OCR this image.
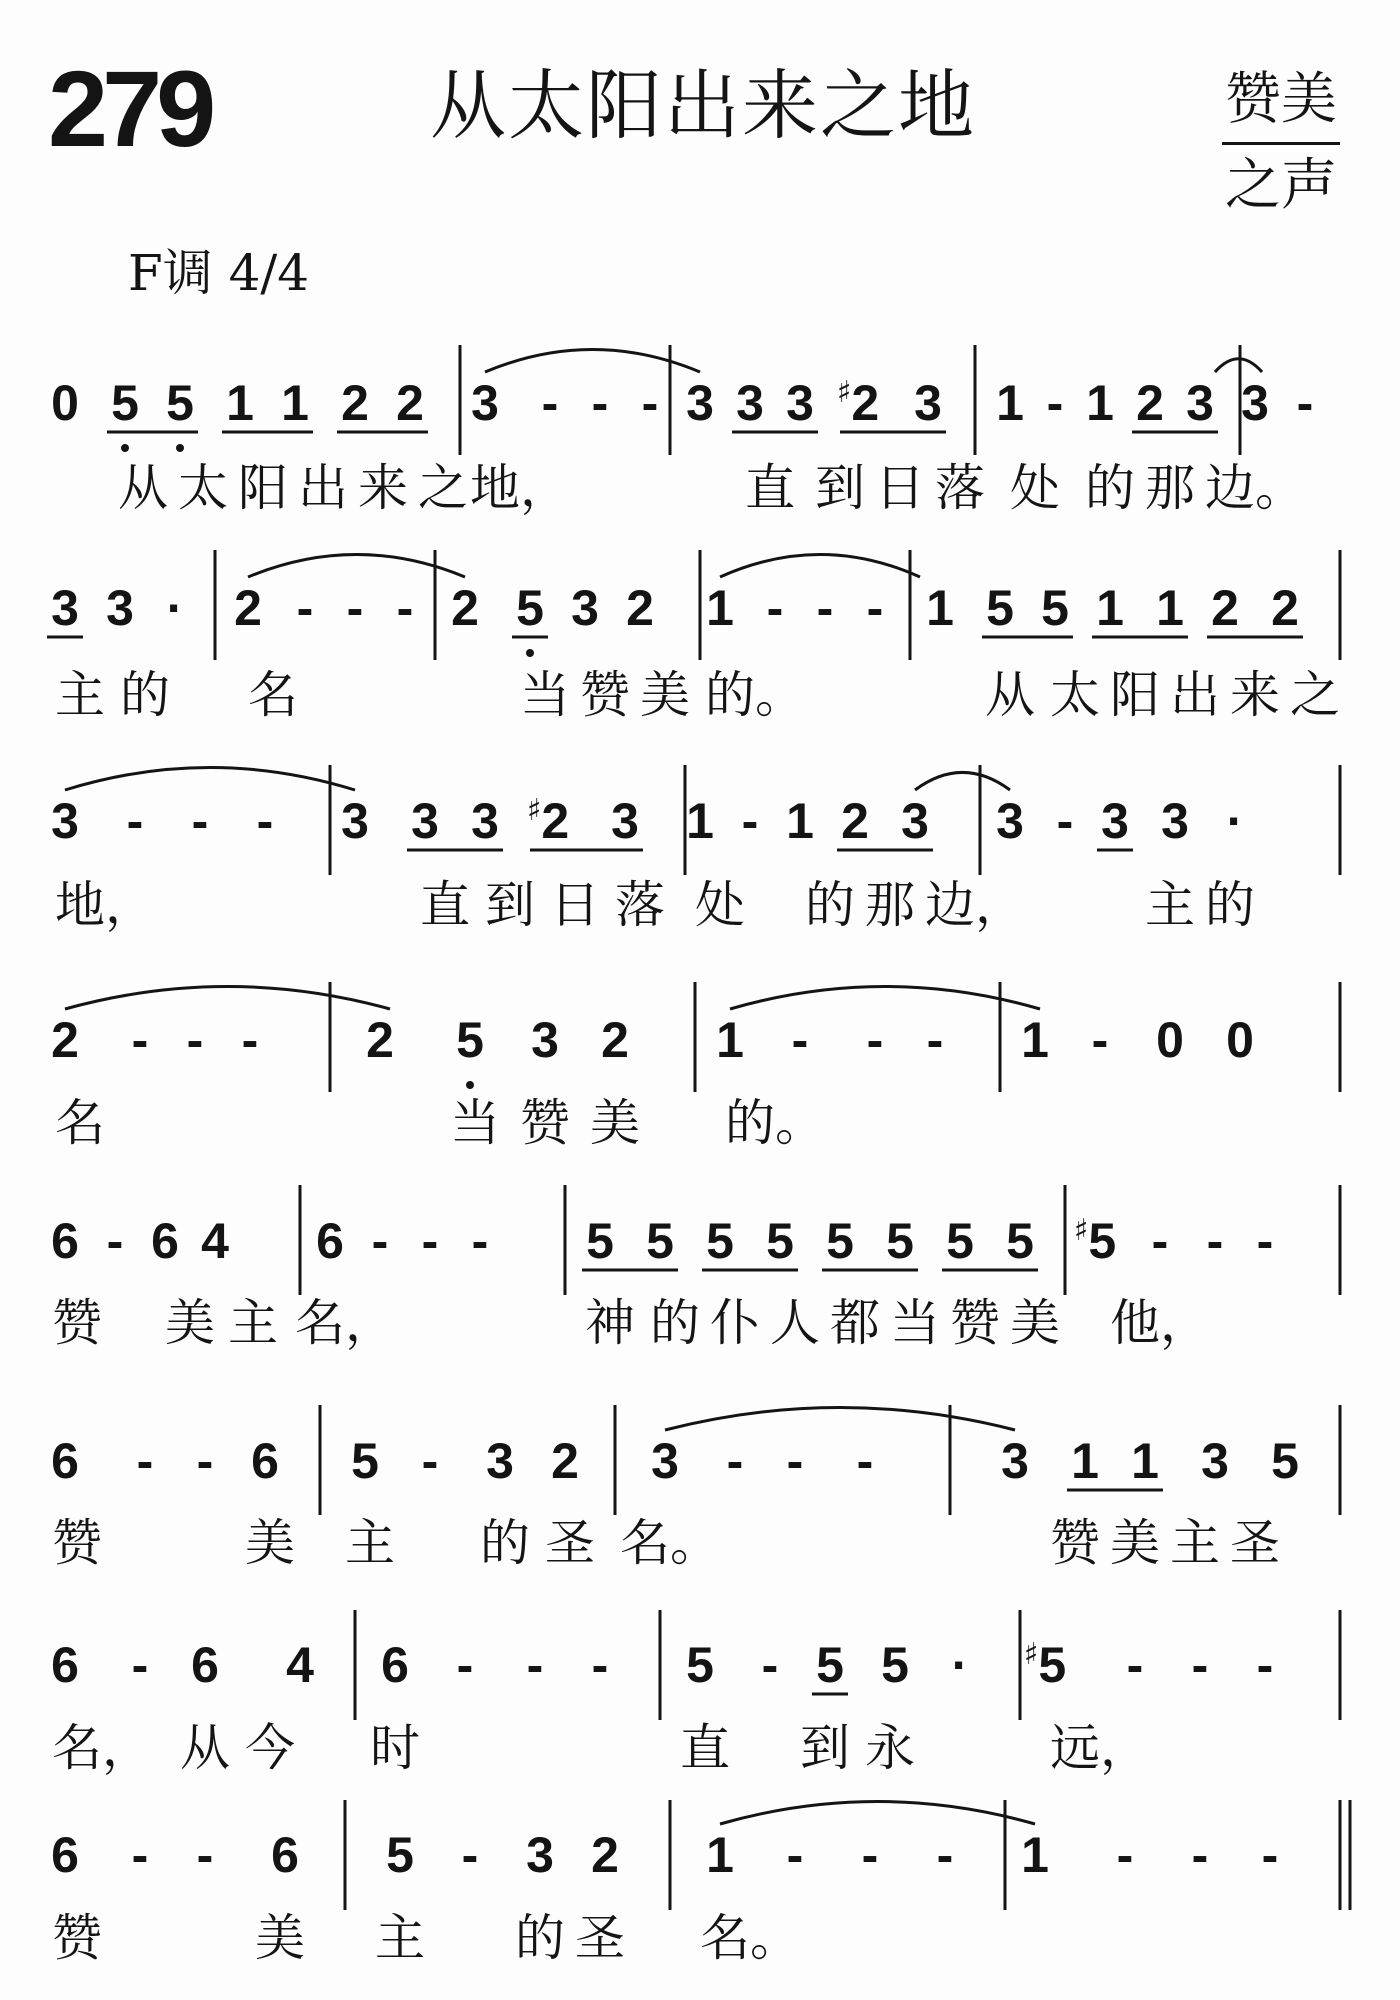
279	从太阳出来之地	赞美
之声
F调 4/4
0 5 5 1 1 2 2 3 - - - 3 3 3 ♯2 3 1 - 1 2 3 3 -
从 太 阳 出 来 之 地，	直 到 日 落 处 的 那 边。
3 3 · 2 - - - 2 5 3 2 1 - - - 1 5 5 1 1 2 2
主 的 名	当 赞 美 的。	从 太 阳 出 来 之
3 - - - 3 3 3 ♯2 3 1 - 1 2 3 3 - 3 3 ·
地，	直 到 日 落 处 的 那 边， 主 的
2 - - - 2 5 3 2 1 - - - 1 - 0 0
名	当 赞 美 的。
6 - 6 4 6 - - - 5 5 5 5 5 5 5 5 ♯5 - - -
赞 美 主 名，	神 的 仆 人 都 当 赞 美 他，
6 - - 6 5 - 3 2 3 - - -	3 1 1 3 5
赞	美 主 的 圣 名。	赞 美 主 圣
6 - 6 4 6 - - - 5 - 5 5 · ♯5 - - -
名， 从 今 时	直 到 永	远，
6 - - 6 5 - 3 2 1 - - - 1 - - -
赞	美 主 的 圣 名。
